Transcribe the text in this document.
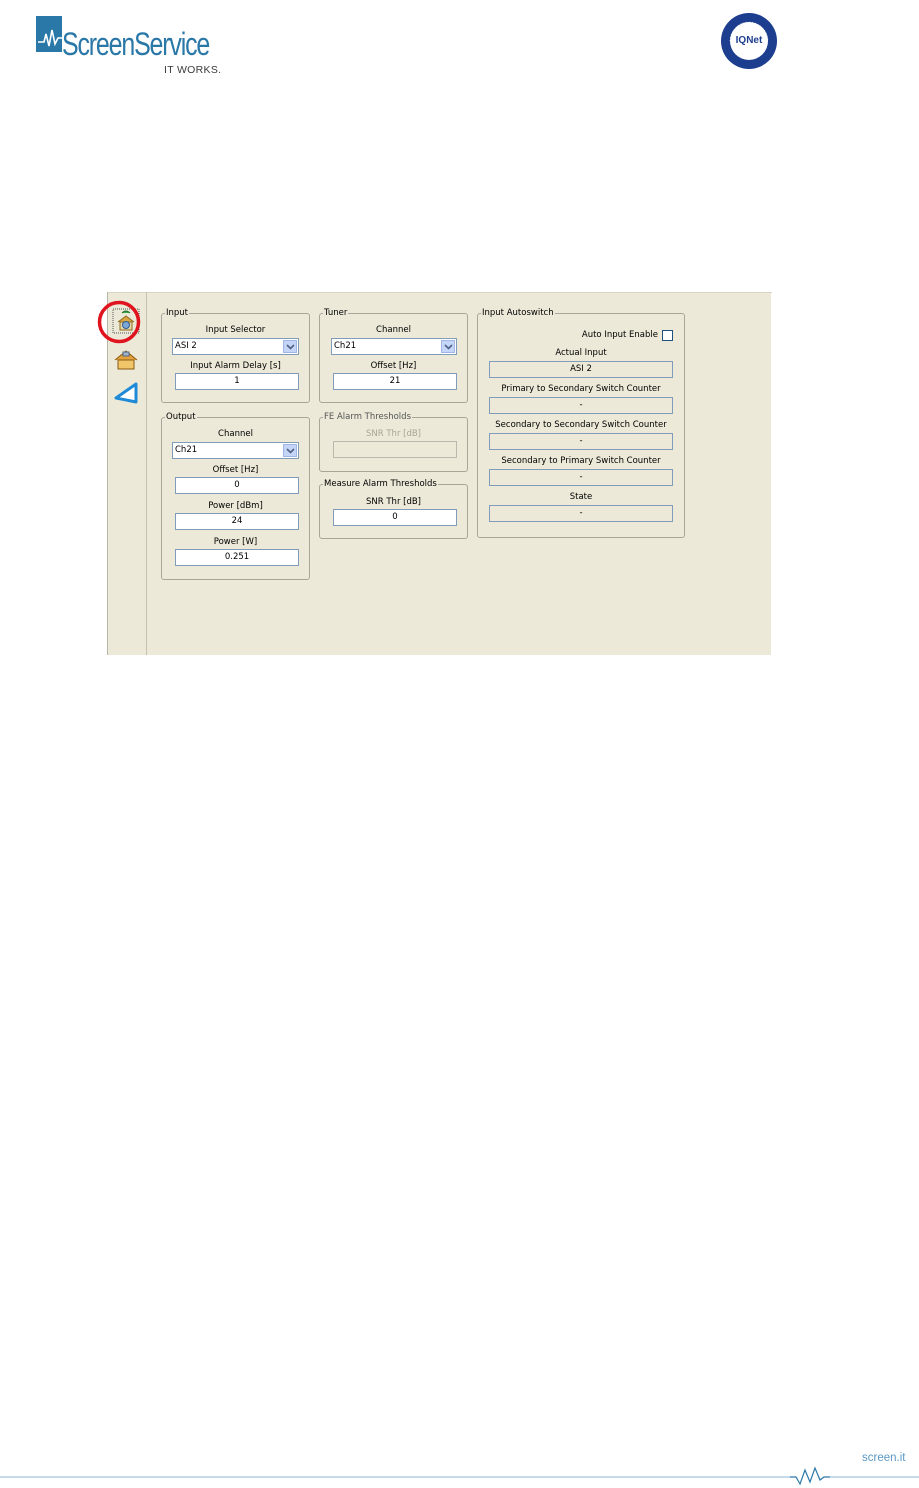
ScreenService
IT WORKS.
IQNet
Input
Input Selector
ASI 2
Input Alarm Delay [s]
1
Tuner
Channel
Ch21
Offset [Hz]
21
Input Autoswitch
Auto Input Enable
Actual Input
ASI 2
Primary to Secondary Switch Counter
-
Secondary to Secondary Switch Counter
-
Secondary to Primary Switch Counter
-
State
-
Output
Channel
Ch21
Offset [Hz]
0
Power [dBm]
24
Power [W]
0.251
FE Alarm Thresholds
SNR Thr [dB]
Measure Alarm Thresholds
SNR Thr [dB]
0
screen.it
